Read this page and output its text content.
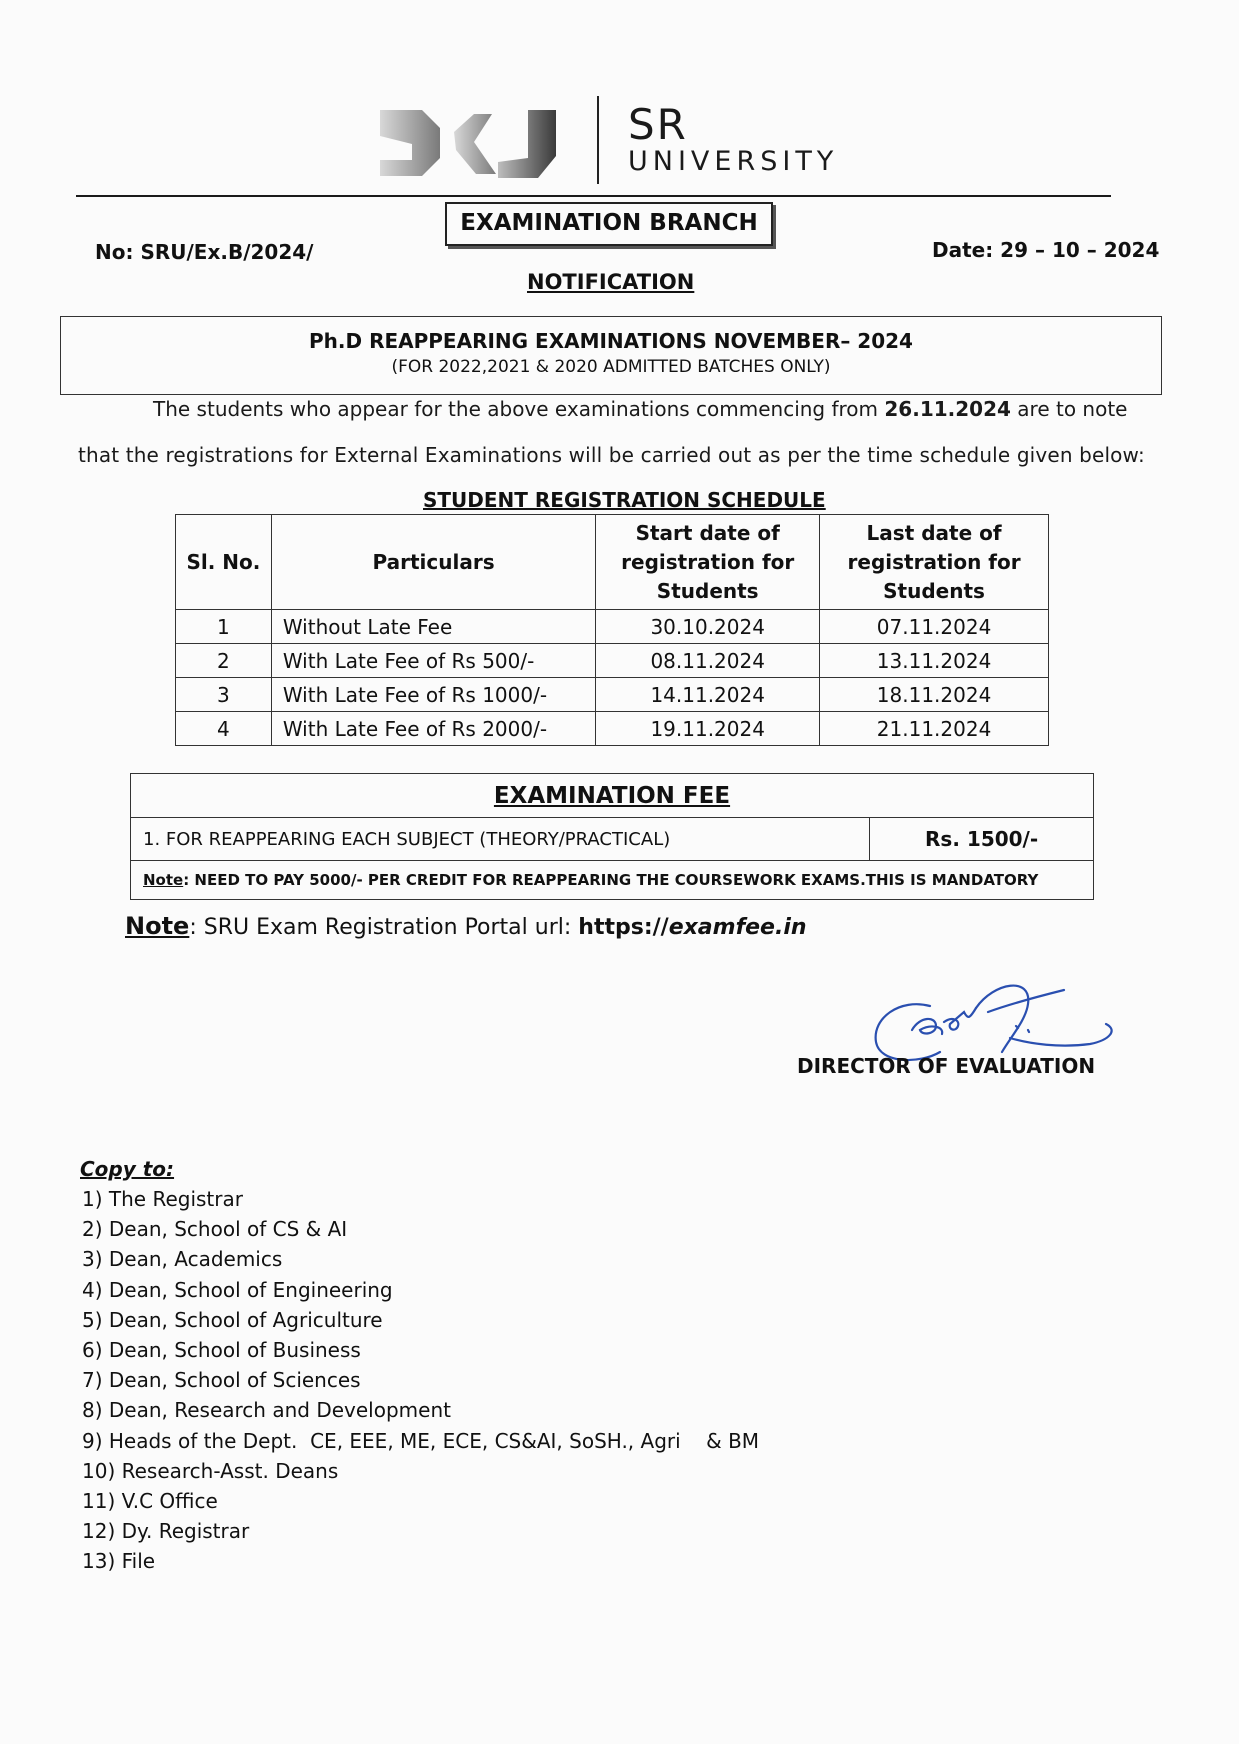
SR
UNIVERSITY
EXAMINATION BRANCH
No: SRU/Ex.B/2024/	Date: 29 – 10 – 2024
NOTIFICATION
Ph.D REAPPEARING EXAMINATIONS NOVEMBER– 2024
(FOR 2022,2021 & 2020 ADMITTED BATCHES ONLY)
The students who appear for the above examinations commencing from 26.11.2024 are to note
that the registrations for External Examinations will be carried out as per the time schedule given below:
STUDENT REGISTRATION SCHEDULE
Sl. No.	Particulars	Start date of registration for Students	Last date of registration for Students
1	Without Late Fee	30.10.2024	07.11.2024
2	With Late Fee of Rs 500/-	08.11.2024	13.11.2024
3	With Late Fee of Rs 1000/-	14.11.2024	18.11.2024
4	With Late Fee of Rs 2000/-	19.11.2024	21.11.2024
EXAMINATION FEE
1. FOR REAPPEARING EACH SUBJECT (THEORY/PRACTICAL)	Rs. 1500/-
Note: NEED TO PAY 5000/- PER CREDIT FOR REAPPEARING THE COURSEWORK EXAMS.THIS IS MANDATORY
Note: SRU Exam Registration Portal url: https://examfee.in
DIRECTOR OF EVALUATION
Copy to:
1) The Registrar
2) Dean, School of CS & AI
3) Dean, Academics
4) Dean, School of Engineering
5) Dean, School of Agriculture
6) Dean, School of Business
7) Dean, School of Sciences
8) Dean, Research and Development
9) Heads of the Dept.  CE, EEE, ME, ECE, CS&AI, SoSH., Agri    & BM
10) Research-Asst. Deans
11) V.C Office
12) Dy. Registrar
13) File
